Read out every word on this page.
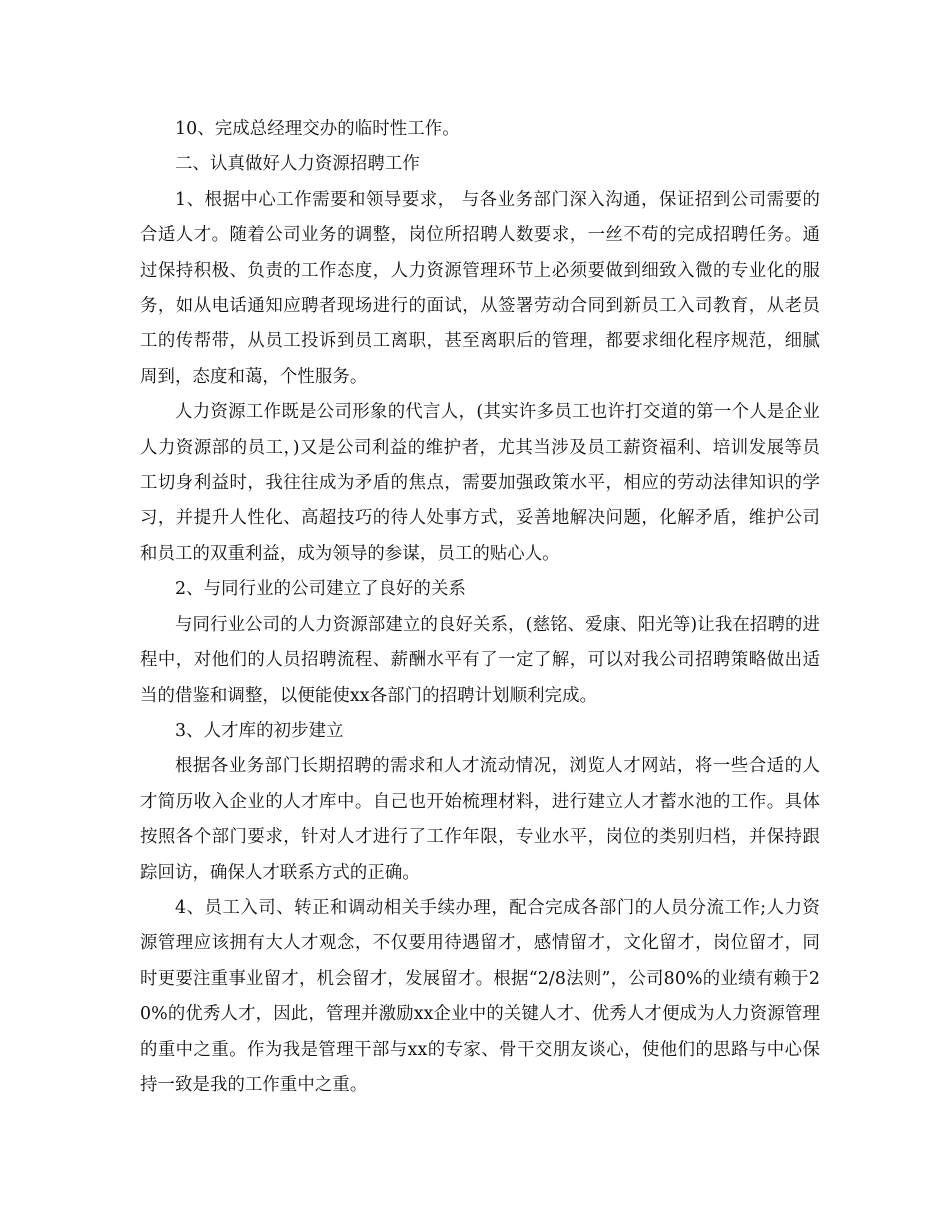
10、完成总经理交办的临时性工作。

二、认真做好人力资源招聘工作

1、根据中心工作需要和领导要求， 与各业务部门深入沟通，保证招到公司需要的合适人才。随着公司业务的调整，岗位所招聘人数要求，一丝不苟的完成招聘任务。通过保持积极、负责的工作态度，人力资源管理环节上必须要做到细致入微的专业化的服务，如从电话通知应聘者现场进行的面试，从签署劳动合同到新员工入司教育，从老员工的传帮带，从员工投诉到员工离职，甚至离职后的管理，都要求细化程序规范，细腻周到，态度和蔼，个性服务。

人力资源工作既是公司形象的代言人，(其实许多员工也许打交道的第一个人是企业人力资源部的员工，)又是公司利益的维护者，尤其当涉及员工薪资福利、培训发展等员工切身利益时，我往往成为矛盾的焦点，需要加强政策水平，相应的劳动法律知识的学习，并提升人性化、高超技巧的待人处事方式，妥善地解决问题，化解矛盾，维护公司和员工的双重利益，成为领导的参谋，员工的贴心人。

2、与同行业的公司建立了良好的关系

与同行业公司的人力资源部建立的良好关系，(慈铭、爱康、阳光等)让我在招聘的进程中，对他们的人员招聘流程、薪酬水平有了一定了解，可以对我公司招聘策略做出适当的借鉴和调整，以便能使xx各部门的招聘计划顺利完成。

3、人才库的初步建立

根据各业务部门长期招聘的需求和人才流动情况，浏览人才网站，将一些合适的人才简历收入企业的人才库中。自己也开始梳理材料，进行建立人才蓄水池的工作。具体按照各个部门要求，针对人才进行了工作年限，专业水平，岗位的类别归档，并保持跟踪回访，确保人才联系方式的正确。

4、员工入司、转正和调动相关手续办理，配合完成各部门的人员分流工作;人力资源管理应该拥有大人才观念，不仅要用待遇留才，感情留才，文化留才，岗位留才，同时更要注重事业留才，机会留才，发展留才。根据“2/8法则”，公司80%的业绩有赖于20%的优秀人才，因此，管理并激励xx企业中的关键人才、优秀人才便成为人力资源管理的重中之重。作为我是管理干部与xx的专家、骨干交朋友谈心，使他们的思路与中心保持一致是我的工作重中之重。
